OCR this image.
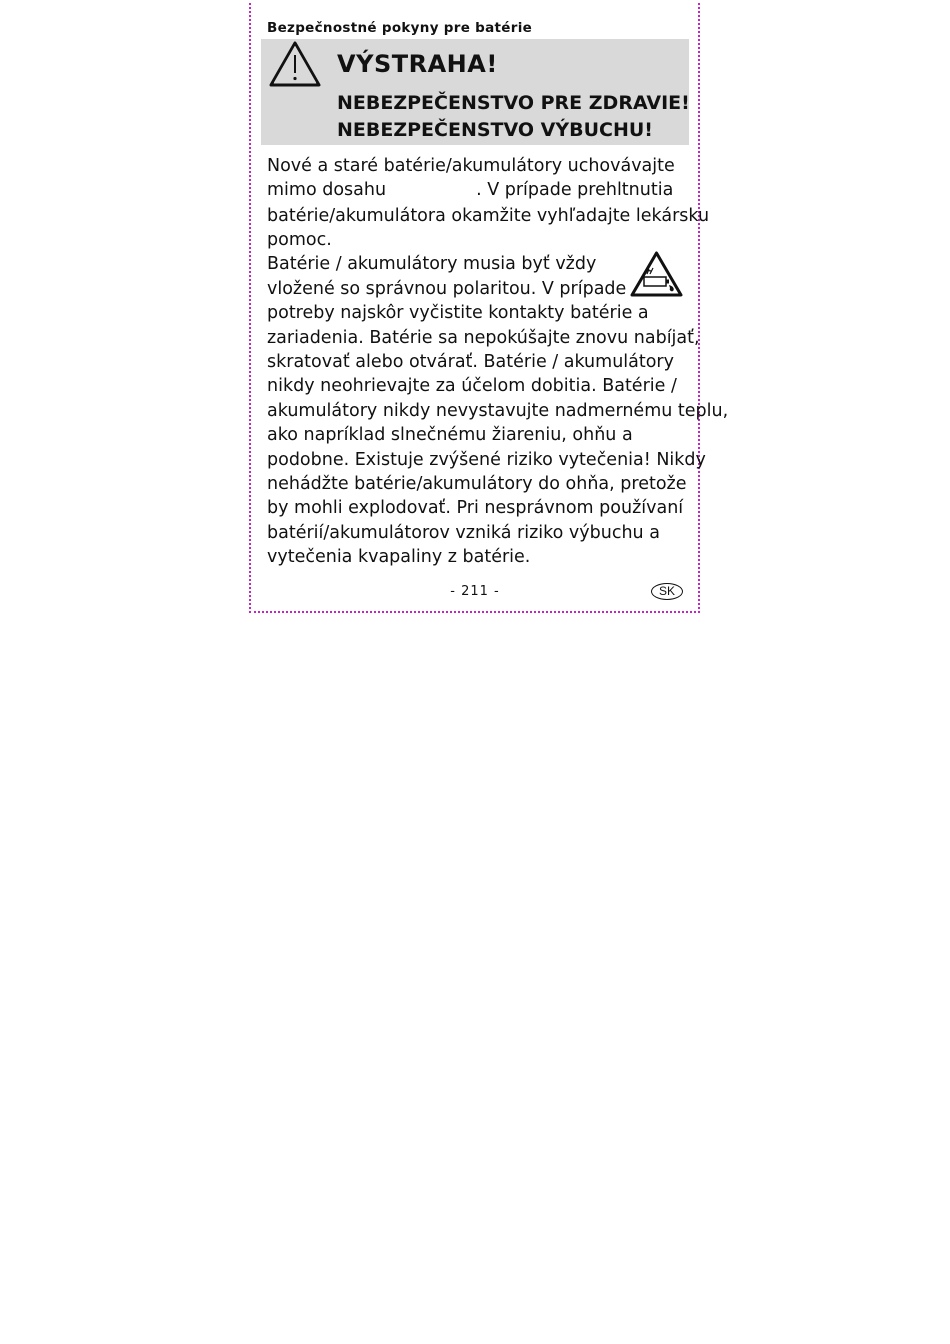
Bezpečnostné pokyny pre batérie
VÝSTRAHA!
NEBEZPEČENSTVO PRE ZDRAVIE!
NEBEZPEČENSTVO VÝBUCHU!
Nové a staré batérie/akumulátory uchovávajte
mimo dosahu	. V prípade prehltnutia
batérie/akumulátora okamžite vyhľadajte lekársku
pomoc.
Batérie / akumulátory musia byť vždy
vložené so správnou polaritou. V prípade
potreby najskôr vyčistite kontakty batérie a
zariadenia. Batérie sa nepokúšajte znovu nabíjať,
skratovať alebo otvárať. Batérie / akumulátory
nikdy neohrievajte za účelom dobitia. Batérie /
akumulátory nikdy nevystavujte nadmernému teplu,
ako napríklad slnečnému žiareniu, ohňu a
podobne. Existuje zvýšené riziko vytečenia! Nikdy
nehádžte batérie/akumulátory do ohňa, pretože
by mohli explodovať. Pri nesprávnom používaní
batérií/akumulátorov vzniká riziko výbuchu a
vytečenia kvapaliny z batérie.
- 211 -	SK
